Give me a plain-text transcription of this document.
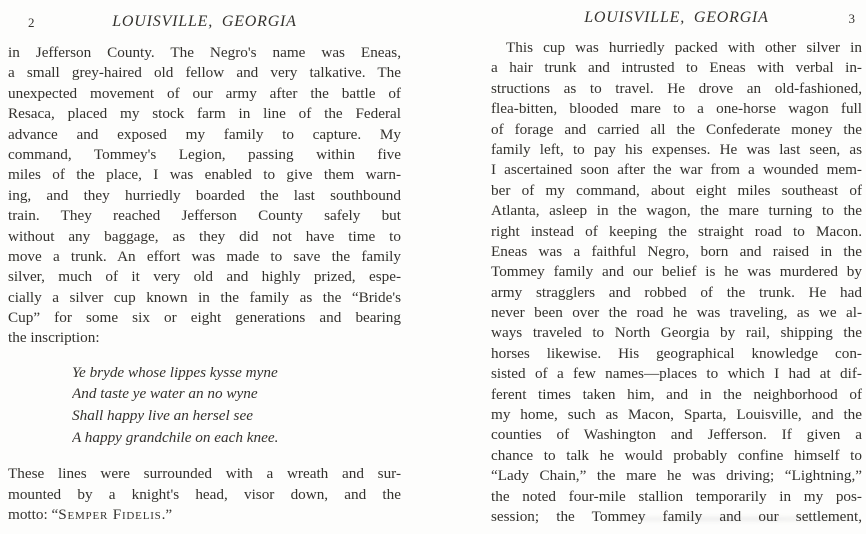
2	LOUISVILLE, GEORGIA
in Jefferson County. The Negro's name was Eneas,
a small grey-haired old fellow and very talkative. The
unexpected movement of our army after the battle of
Resaca, placed my stock farm in line of the Federal
advance and exposed my family to capture. My
command, Tommey's Legion, passing within five
miles of the place, I was enabled to give them warn-
ing, and they hurriedly boarded the last southbound
train. They reached Jefferson County safely but
without any baggage, as they did not have time to
move a trunk. An effort was made to save the family
silver, much of it very old and highly prized, espe-
cially a silver cup known in the family as the “Bride's
Cup” for some six or eight generations and bearing
the inscription:
Ye bryde whose lippes kysse myne
And taste ye water an no wyne
Shall happy live an hersel see
A happy grandchile on each knee.
These lines were surrounded with a wreath and sur-
mounted by a knight's head, visor down, and the
motto: “Semper Fidelis.”
LOUISVILLE, GEORGIA	3
This cup was hurriedly packed with other silver in
a hair trunk and intrusted to Eneas with verbal in-
structions as to travel. He drove an old-fashioned,
flea-bitten, blooded mare to a one-horse wagon full
of forage and carried all the Confederate money the
family left, to pay his expenses. He was last seen, as
I ascertained soon after the war from a wounded mem-
ber of my command, about eight miles southeast of
Atlanta, asleep in the wagon, the mare turning to the
right instead of keeping the straight road to Macon.
Eneas was a faithful Negro, born and raised in the
Tommey family and our belief is he was murdered by
army stragglers and robbed of the trunk. He had
never been over the road he was traveling, as we al-
ways traveled to North Georgia by rail, shipping the
horses likewise. His geographical knowledge con-
sisted of a few names—places to which I had at dif-
ferent times taken him, and in the neighborhood of
my home, such as Macon, Sparta, Louisville, and the
counties of Washington and Jefferson. If given a
chance to talk he would probably confine himself to
“Lady Chain,” the mare he was driving; “Lightning,”
the noted four-mile stallion temporarily in my pos-
session; the Tommey family and our settlement,
